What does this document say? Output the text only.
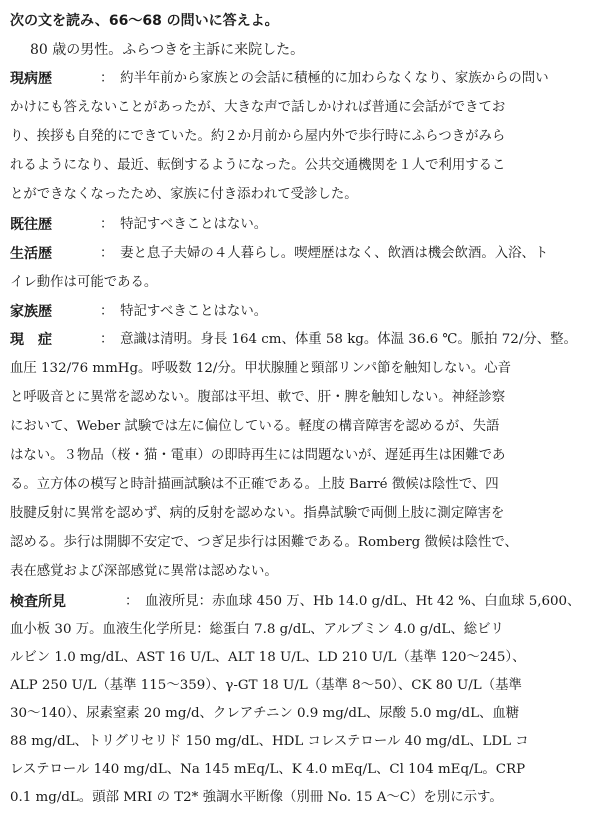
次の文を読み、66〜68 の問いに答えよ。
80 歳の男性。ふらつきを主訴に来院した。
現病歴	：　約半年前から家族との会話に積極的に加わらなくなり、家族からの問い
かけにも答えないことがあったが、大きな声で話しかければ普通に会話ができてお
り、挨拶も自発的にできていた。約２か月前から屋内外で歩行時にふらつきがみら
れるようになり、最近、転倒するようになった。公共交通機関を１人で利用するこ
とができなくなったため、家族に付き添われて受診した。
既往歴	：　特記すべきことはない。
生活歴	：　妻と息子夫婦の４人暮らし。喫煙歴はなく、飲酒は機会飲酒。入浴、ト
イレ動作は可能である。
家族歴	：　特記すべきことはない。
現　症	：　意識は清明。身長 164 cm、体重 58 kg。体温 36.6 ℃。脈拍 72/分、整。
血圧 132/76 mmHg。呼吸数 12/分。甲状腺腫と頸部リンパ節を触知しない。心音
と呼吸音とに異常を認めない。腹部は平坦、軟で、肝・脾を触知しない。神経診察
において、Weber 試験では左に偏位している。軽度の構音障害を認めるが、失語
はない。３物品（桜・猫・電車）の即時再生には問題ないが、遅延再生は困難であ
る。立方体の模写と時計描画試験は不正確である。上肢 Barré 徴候は陰性で、四
肢腱反射に異常を認めず、病的反射を認めない。指鼻試験で両側上肢に測定障害を
認める。歩行は開脚不安定で、つぎ足歩行は困難である。Romberg 徴候は陰性で、
表在感覚および深部感覚に異常は認めない。
検査所見	：　血液所見：赤血球 450 万、Hb 14.0 g/dL、Ht 42 %、白血球 5,600、
血小板 30 万。血液生化学所見：総蛋白 7.8 g/dL、アルブミン 4.0 g/dL、総ビリ
ルビン 1.0 mg/dL、AST 16 U/L、ALT 18 U/L、LD 210 U/L（基準 120〜245）、
ALP 250 U/L（基準 115〜359）、γ-GT 18 U/L（基準 8〜50）、CK 80 U/L（基準
30〜140）、尿素窒素 20 mg/d、クレアチニン 0.9 mg/dL、尿酸 5.0 mg/dL、血糖
88 mg/dL、トリグリセリド 150 mg/dL、HDL コレステロール 40 mg/dL、LDL コ
レステロール 140 mg/dL、Na 145 mEq/L、K 4.0 mEq/L、Cl 104 mEq/L。CRP
0.1 mg/dL。頭部 MRI の T2* 強調水平断像（別冊 No. 15 A〜C）を別に示す。
